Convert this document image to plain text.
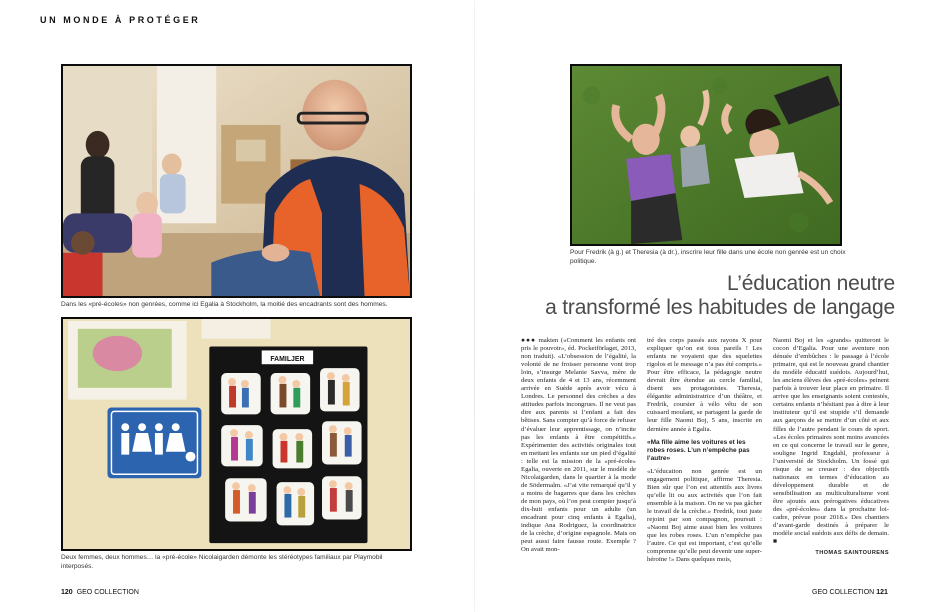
UN MONDE À PROTÉGER
Dans les «pré-écoles» non genrées, comme ici Egalia à Stockholm, la moitié des encadrants sont des hommes.
FAMILJER
Deux femmes, deux hommes… la «pré-école» Nicolaigarden démonte les stéréotypes familiaux par Playmobil interposés.
Pour Fredrik (à g.) et Theresia (à dr.), inscrire leur fille dans une école non genrée est un choix politique.
L’éducation neutre
a transformé les habitudes de langage

●●● makten («Comment les enfants ont pris le pouvoir», éd. Pocketförlaget, 2013, non traduit). «L’obsession de l’égalité, la volonté de ne froisser personne vont trop loin, s’insurge Melanie Savva, mère de deux enfants de 4 et 13 ans, récemment arrivée en Suède après avoir vécu à Londres. Le personnel des crèches a des attitudes parfois incongrues. Il ne veut pas dire aux parents si l’enfant a fait des bêtises. Sans compter qu’à force de refuser d’évaluer leur apprentissage, on n’incite pas les enfants à être compétitifs.» Expérimenter des activités originales tout en mettant les enfants sur un pied d’égalité : telle est la mission de la «pré-école» Egalia, ouverte en 2011, sur le modèle de Nicolaigarden, dans le quartier à la mode de Södermalm. «J’ai vite remarqué qu’il y a moins de bagarres que dans les crèches de mon pays, où l’on peut compter jusqu’à dix-huit enfants pour un adulte (un encadrant pour cinq enfants à Egalia), indique Ana Rodriguez, la coordinatrice de la crèche, d’origine espagnole. Mais on peut aussi faire fausse route. Exemple ? On avait mon-

tré des corps passés aux rayons X pour expliquer qu’on est tous pareils ! Les enfants ne voyaient que des squelettes rigolos et le message n’a pas été compris.» Pour être efficace, la pédagogie neutre devrait être étendue au cercle familial, disent ses protagonistes. Theresia, éléganite administratrice d’un théâtre, et Fredrik, coursier à vélo vêtu de son cuissard moulant, se partagent la garde de leur fille Naomi Boj, 5 ans, inscrite en dernière année à Egalia.

«Ma fille aime les voitures et les robes roses. L’un n’empêche pas l’autre»

«L’éducation non genrée est un engagement politique, affirme Theresia. Bien sûr que l’on est attentifs aux livres qu’elle lit ou aux activités que l’on fait ensemble à la maison. On ne va pas gâcher le travail de la crèche.» Fredrik, tout juste rejoint par son compagnon, poursuit : «Naomi Boj aime aussi bien les voitures que les robes roses. L’un n’empêche pas l’autre. Ce qui est important, c’est qu’elle comprenne qu’elle peut devenir une super-héroïne !» Dans quelques mois,

Naomi Boj et les «grands» quitteront le cocon d’Egalia. Pour une aventure non dénuée d’embûches : le passage à l’école primaire, qui est le nouveau grand chantier du modèle éducatif suédois. Aujourd’hui, les anciens élèves des «pré-écoles» peinent parfois à trouver leur place en primaire. Il arrive que les enseignants soient contestés, certains enfants n’hésitant pas à dire à leur instituteur qu’il est stupide s’il demande aux garçons de se mettre d’un côté et aux filles de l’autre pendant le cours de sport. «Les écoles primaires sont moins avancées en ce qui concerne le travail sur le genre, souligne Ingrid Engdahl, professeur à l’université de Stockholm. Un fossé qui risque de se creuser : des objectifs nationaux en termes d’éducation au développement durable et de sensibilisation au multiculturalisme vont être ajoutés aux prérogatives éducatives des «pré-écoles» dans la prochaine loi-cadre, prévue pour 2018.» Des chantiers d’avant-garde destinés à préparer le modèle social suédois aux défis de demain. ■

THOMAS SAINTOURENS
120 GEO COLLECTION	GEO COLLECTION 121
